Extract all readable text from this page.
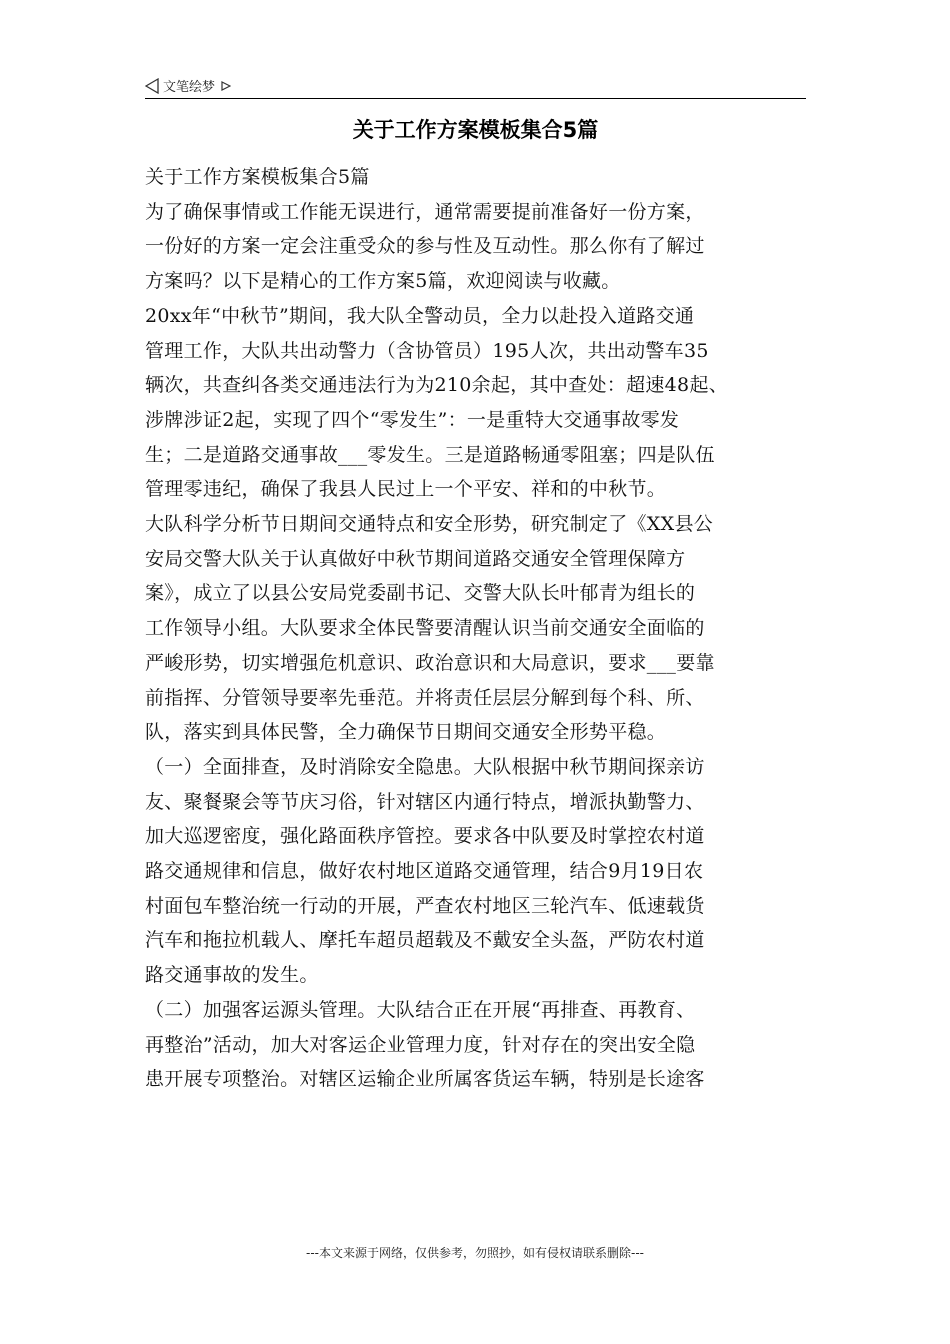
文笔绘梦
关于工作方案模板集合5篇

关于工作方案模板集合5篇

为了确保事情或工作能无误进行，通常需要提前准备好一份方案，

一份好的方案一定会注重受众的参与性及互动性。那么你有了解过

方案吗？以下是精心的工作方案5篇，欢迎阅读与收藏。

20xx年“中秋节”期间，我大队全警动员，全力以赴投入道路交通

管理工作，大队共出动警力（含协管员）195人次，共出动警车35

辆次，共查纠各类交通违法行为为210余起，其中查处：超速48起、

涉牌涉证2起，实现了四个“零发生”：一是重特大交通事故零发

生；二是道路交通事故___零发生。三是道路畅通零阻塞；四是队伍

管理零违纪，确保了我县人民过上一个平安、祥和的中秋节。

大队科学分析节日期间交通特点和安全形势，研究制定了《XX县公

安局交警大队关于认真做好中秋节期间道路交通安全管理保障方

案》，成立了以县公安局党委副书记、交警大队长叶郁青为组长的

工作领导小组。大队要求全体民警要清醒认识当前交通安全面临的

严峻形势，切实增强危机意识、政治意识和大局意识，要求___要靠

前指挥、分管领导要率先垂范。并将责任层层分解到每个科、所、

队，落实到具体民警，全力确保节日期间交通安全形势平稳。

（一）全面排查，及时消除安全隐患。大队根据中秋节期间探亲访

友、聚餐聚会等节庆习俗，针对辖区内通行特点，增派执勤警力、

加大巡逻密度，强化路面秩序管控。要求各中队要及时掌控农村道

路交通规律和信息，做好农村地区道路交通管理，结合9月19日农

村面包车整治统一行动的开展，严查农村地区三轮汽车、低速载货

汽车和拖拉机载人、摩托车超员超载及不戴安全头盔，严防农村道

路交通事故的发生。

（二）加强客运源头管理。大队结合正在开展“再排查、再教育、

再整治”活动，加大对客运企业管理力度，针对存在的突出安全隐

患开展专项整治。对辖区运输企业所属客货运车辆，特别是长途客

---本文来源于网络，仅供参考，勿照抄，如有侵权请联系删除---
